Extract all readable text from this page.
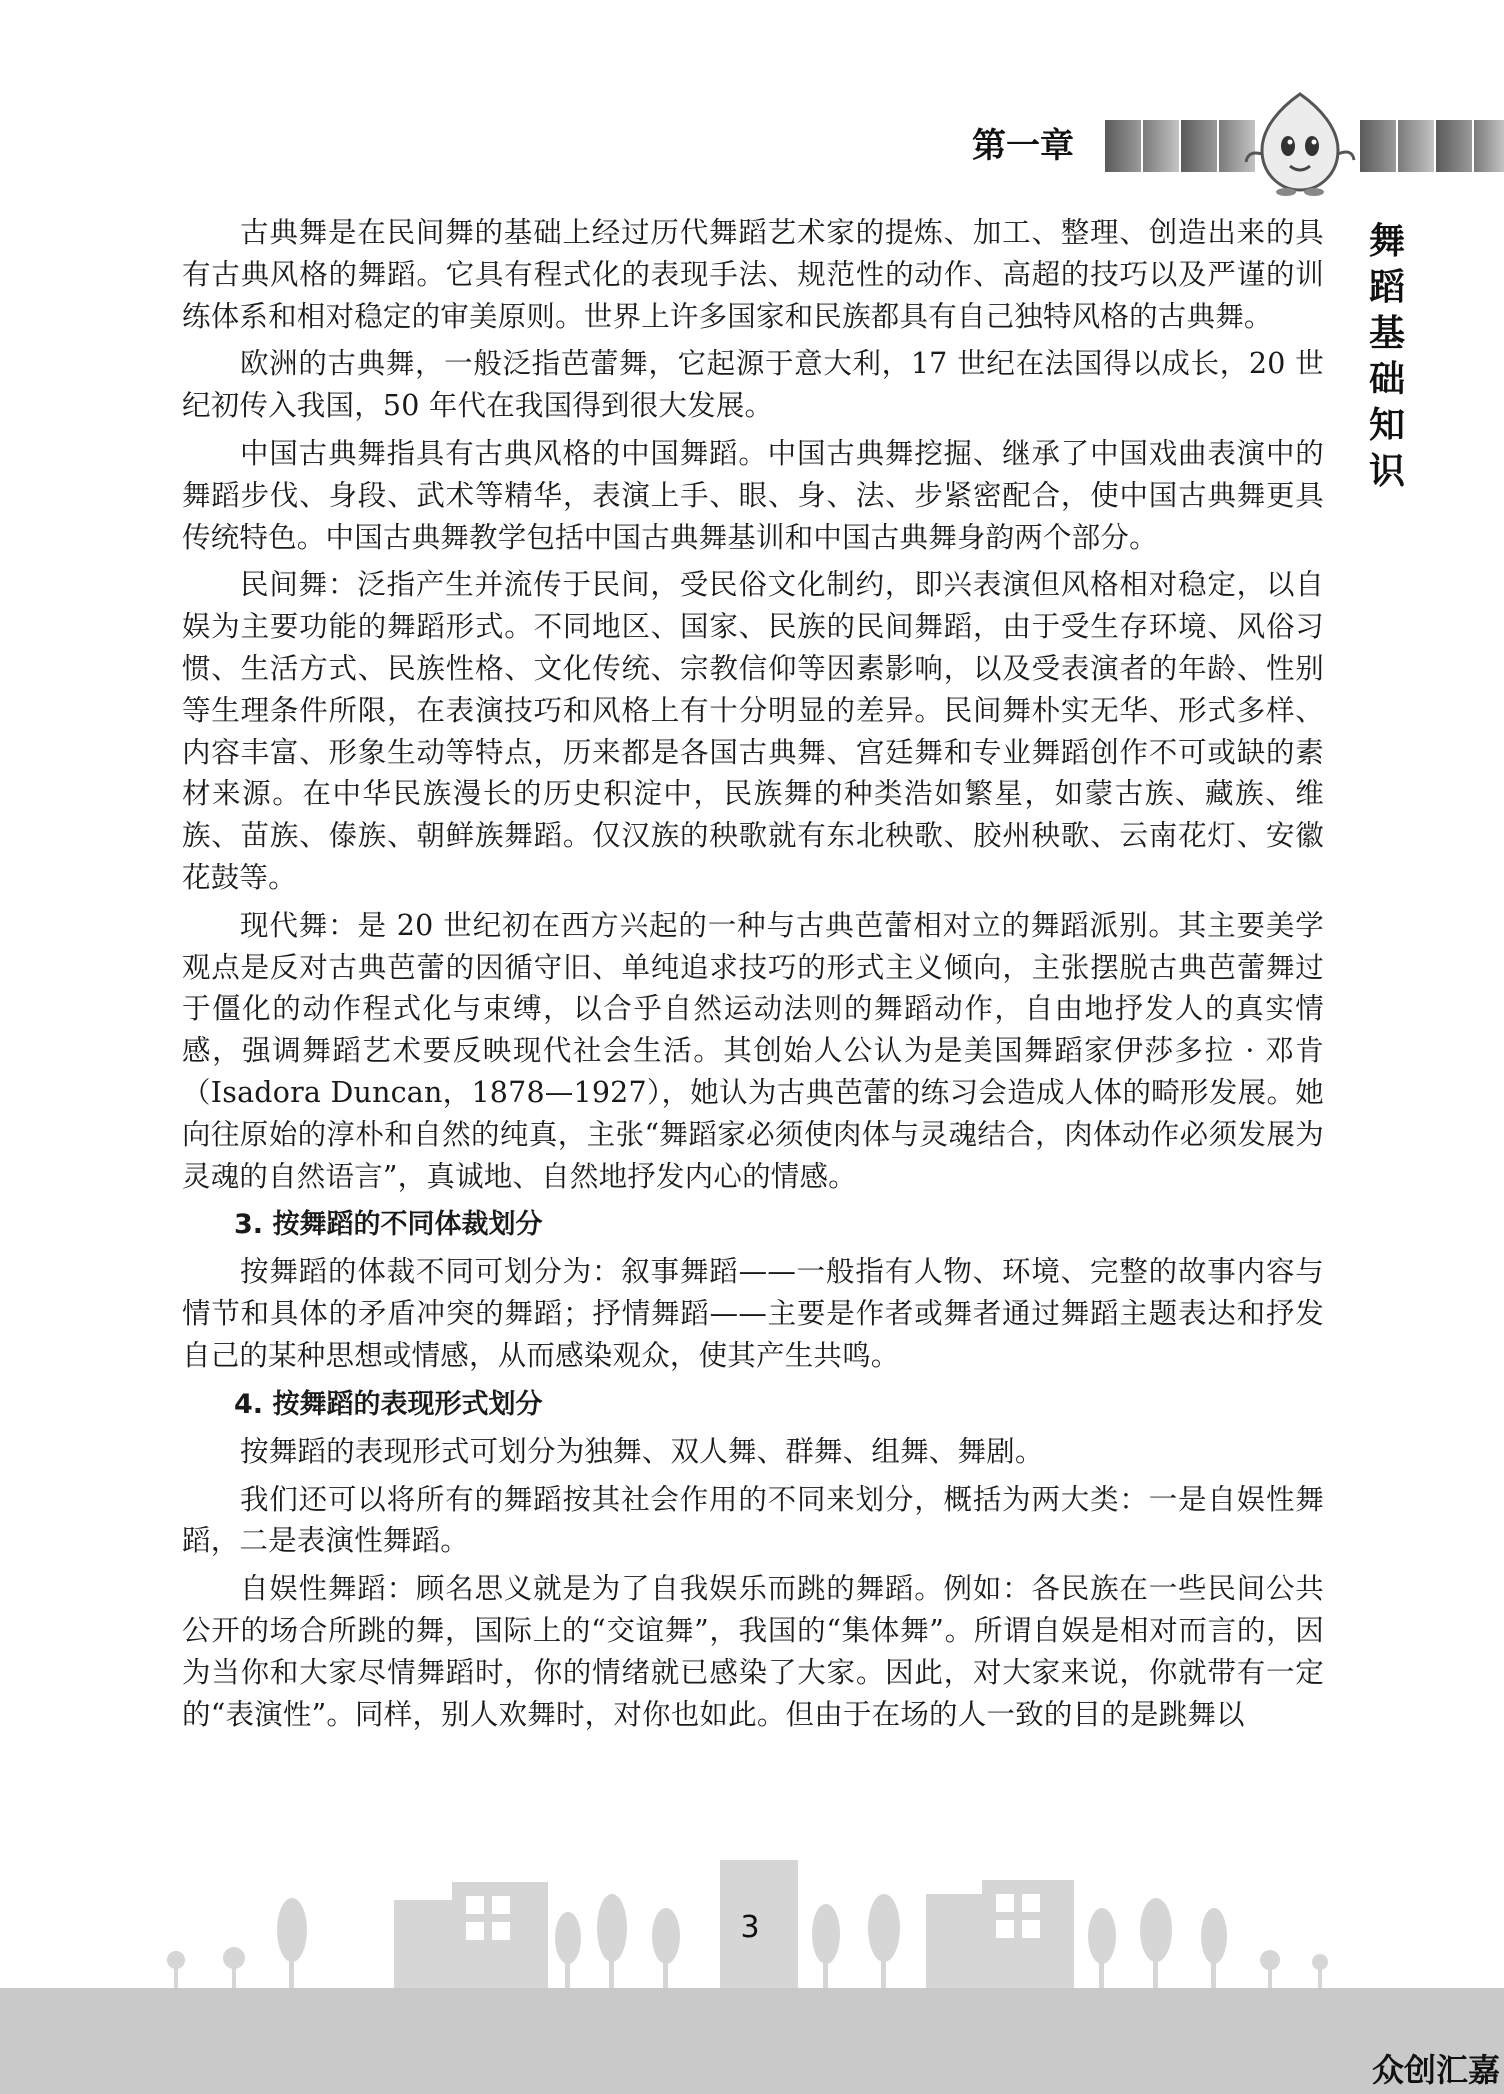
第一章
舞
蹈
基
础
知
识

古典舞是在民间舞的基础上经过历代舞蹈艺术家的提炼、加工、整理、创造出来的具有古典风格的舞蹈。它具有程式化的表现手法、规范性的动作、高超的技巧以及严谨的训练体系和相对稳定的审美原则。世界上许多国家和民族都具有自己独特风格的古典舞。

欧洲的古典舞，一般泛指芭蕾舞，它起源于意大利，17 世纪在法国得以成长，20 世纪初传入我国，50 年代在我国得到很大发展。

中国古典舞指具有古典风格的中国舞蹈。中国古典舞挖掘、继承了中国戏曲表演中的舞蹈步伐、身段、武术等精华，表演上手、眼、身、法、步紧密配合，使中国古典舞更具传统特色。中国古典舞教学包括中国古典舞基训和中国古典舞身韵两个部分。

民间舞：泛指产生并流传于民间，受民俗文化制约，即兴表演但风格相对稳定，以自娱为主要功能的舞蹈形式。不同地区、国家、民族的民间舞蹈，由于受生存环境、风俗习惯、生活方式、民族性格、文化传统、宗教信仰等因素影响，以及受表演者的年龄、性别等生理条件所限，在表演技巧和风格上有十分明显的差异。民间舞朴实无华、形式多样、内容丰富、形象生动等特点，历来都是各国古典舞、宫廷舞和专业舞蹈创作不可或缺的素材来源。在中华民族漫长的历史积淀中，民族舞的种类浩如繁星，如蒙古族、藏族、维族、苗族、傣族、朝鲜族舞蹈。仅汉族的秧歌就有东北秧歌、胶州秧歌、云南花灯、安徽花鼓等。

现代舞：是 20 世纪初在西方兴起的一种与古典芭蕾相对立的舞蹈派别。其主要美学观点是反对古典芭蕾的因循守旧、单纯追求技巧的形式主义倾向，主张摆脱古典芭蕾舞过于僵化的动作程式化与束缚，以合乎自然运动法则的舞蹈动作，自由地抒发人的真实情感，强调舞蹈艺术要反映现代社会生活。其创始人公认为是美国舞蹈家伊莎多拉 · 邓肯（Isadora Duncan，1878—1927），她认为古典芭蕾的练习会造成人体的畸形发展。她向往原始的淳朴和自然的纯真，主张“舞蹈家必须使肉体与灵魂结合，肉体动作必须发展为灵魂的自然语言”，真诚地、自然地抒发内心的情感。

3. 按舞蹈的不同体裁划分

按舞蹈的体裁不同可划分为：叙事舞蹈——一般指有人物、环境、完整的故事内容与情节和具体的矛盾冲突的舞蹈；抒情舞蹈——主要是作者或舞者通过舞蹈主题表达和抒发自己的某种思想或情感，从而感染观众，使其产生共鸣。

4. 按舞蹈的表现形式划分

按舞蹈的表现形式可划分为独舞、双人舞、群舞、组舞、舞剧。

我们还可以将所有的舞蹈按其社会作用的不同来划分，概括为两大类：一是自娱性舞蹈，二是表演性舞蹈。

自娱性舞蹈：顾名思义就是为了自我娱乐而跳的舞蹈。例如：各民族在一些民间公共公开的场合所跳的舞，国际上的“交谊舞”，我国的“集体舞”。所谓自娱是相对而言的，因为当你和大家尽情舞蹈时，你的情绪就已感染了大家。因此，对大家来说，你就带有一定的“表演性”。同样，别人欢舞时，对你也如此。但由于在场的人一致的目的是跳舞以

3
众创汇嘉
